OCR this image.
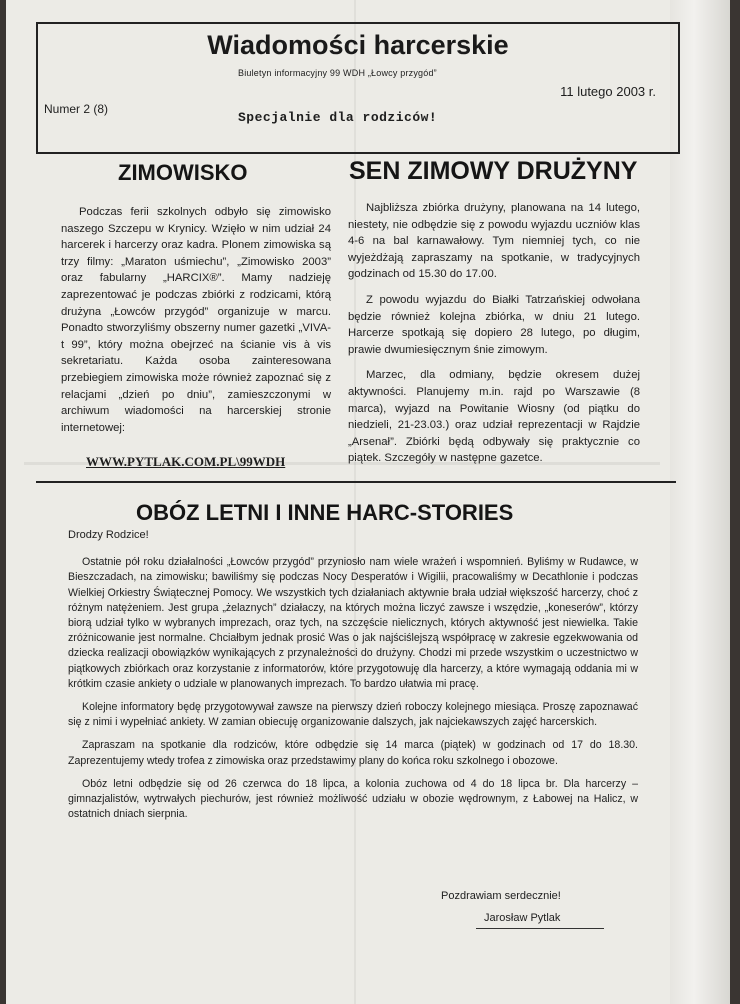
Wiadomości harcerskie
Biuletyn informacyjny 99 WDH „Łowcy przygód”
11 lutego 2003 r.
Numer 2 (8)
Specjalnie dla rodziców!
ZIMOWISKO	SEN ZIMOWY DRUŻYNY

Podczas ferii szkolnych odbyło się zimowisko naszego Szczepu w Krynicy. Wzięło w nim udział 24 harcerek i harcerzy oraz kadra. Plonem zimowiska są trzy filmy: „Maraton uśmiechu”, „Zimowisko 2003” oraz fabularny „HARCIX®”. Mamy nadzieję zaprezentować je podczas zbiórki z rodzicami, którą drużyna „Łowców przygód” organizuje w marcu. Ponadto stworzyliśmy obszerny numer gazetki „VIVA-t 99”, który można obejrzeć na ścianie vis à vis sekretariatu. Każda osoba zainteresowana przebiegiem zimowiska może również zapoznać się z relacjami „dzień po dniu”, zamieszczonymi w archiwum wiadomości na harcerskiej stronie internetowej:

WWW.PYTLAK.COM.PL\99WDH

Najbliższa zbiórka drużyny, planowana na 14 lutego, niestety, nie odbędzie się z powodu wyjazdu uczniów klas 4-6 na bal karnawałowy. Tym niemniej tych, co nie wyjeżdżają zapraszamy na spotkanie, w tradycyjnych godzinach od 15.30 do 17.00.

Z powodu wyjazdu do Białki Tatrzańskiej odwołana będzie również kolejna zbiórka, w dniu 21 lutego. Harcerze spotkają się dopiero 28 lutego, po długim, prawie dwumiesięcznym śnie zimowym.

Marzec, dla odmiany, będzie okresem dużej aktywności. Planujemy m.in. rajd po Warszawie (8 marca), wyjazd na Powitanie Wiosny (od piątku do niedzieli, 21-23.03.) oraz udział reprezentacji w Rajdzie „Arsenał”. Zbiórki będą odbywały się praktycznie co piątek. Szczegóły w następne gazetce.

OBÓZ LETNI I INNE HARC-STORIES
Drodzy Rodzice!

Ostatnie pół roku działalności „Łowców przygód” przyniosło nam wiele wrażeń i wspomnień. Byliśmy w Rudawce, w Bieszczadach, na zimowisku; bawiliśmy się podczas Nocy Desperatów i Wigilii, pracowaliśmy w Decathlonie i podczas Wielkiej Orkiestry Świątecznej Pomocy. We wszystkich tych działaniach aktywnie brała udział większość harcerzy, choć z różnym natężeniem. Jest grupa „żelaznych” działaczy, na których można liczyć zawsze i wszędzie, „koneserów”, którzy biorą udział tylko w wybranych imprezach, oraz tych, na szczęście nielicznych, których aktywność jest niewielka. Takie zróżnicowanie jest normalne. Chciałbym jednak prosić Was o jak najściślejszą współpracę w zakresie egzekwowania od dziecka realizacji obowiązków wynikających z przynależności do drużyny. Chodzi mi przede wszystkim o uczestnictwo w piątkowych zbiórkach oraz korzystanie z informatorów, które przygotowuję dla harcerzy, a które wymagają oddania mi w krótkim czasie ankiety o udziale w planowanych imprezach. To bardzo ułatwia mi pracę.

Kolejne informatory będę przygotowywał zawsze na pierwszy dzień roboczy kolejnego miesiąca. Proszę zapoznawać się z nimi i wypełniać ankiety. W zamian obiecuję organizowanie dalszych, jak najciekawszych zajęć harcerskich.

Zapraszam na spotkanie dla rodziców, które odbędzie się 14 marca (piątek) w godzinach od 17 do 18.30. Zaprezentujemy wtedy trofea z zimowiska oraz przedstawimy plany do końca roku szkolnego i obozowe.

Obóz letni odbędzie się od 26 czerwca do 18 lipca, a kolonia zuchowa od 4 do 18 lipca br. Dla harcerzy – gimnazjalistów, wytrwałych piechurów, jest również możliwość udziału w obozie wędrownym, z Łabowej na Halicz, w ostatnich dniach sierpnia.

Pozdrawiam serdecznie!
Jarosław Pytlak
